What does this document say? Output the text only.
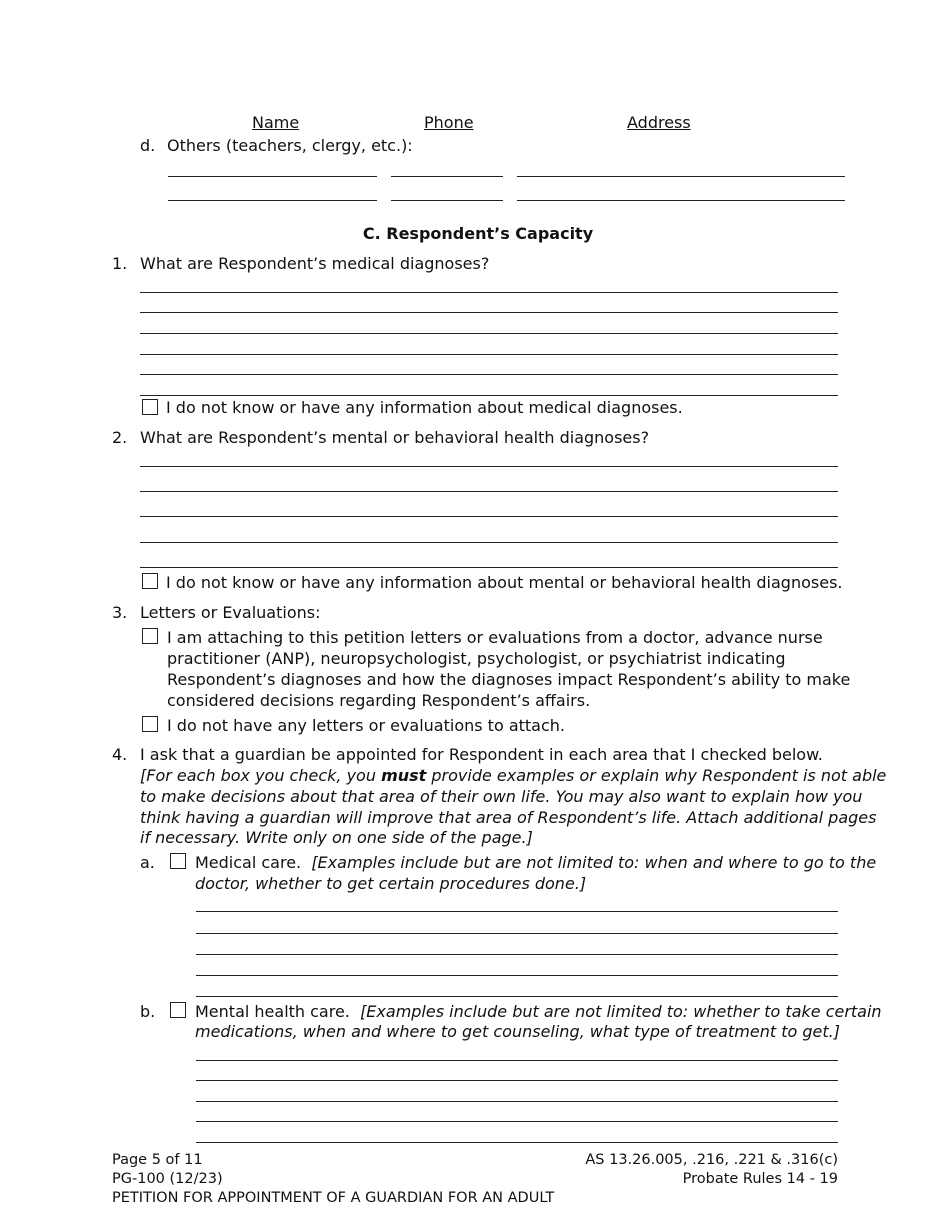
Name	Phone	Address
d. Others (teachers, clergy, etc.):
C. Respondent’s Capacity
1. What are Respondent’s medical diagnoses?
I do not know or have any information about medical diagnoses.
2. What are Respondent’s mental or behavioral health diagnoses?
I do not know or have any information about mental or behavioral health diagnoses.
3. Letters or Evaluations:
I am attaching to this petition letters or evaluations from a doctor, advance nurse
practitioner (ANP), neuropsychologist, psychologist, or psychiatrist indicating
Respondent’s diagnoses and how the diagnoses impact Respondent’s ability to make
considered decisions regarding Respondent’s affairs.
I do not have any letters or evaluations to attach.
4. I ask that a guardian be appointed for Respondent in each area that I checked below.
[For each box you check, you must provide examples or explain why Respondent is not able
to make decisions about that area of their own life. You may also want to explain how you
think having a guardian will improve that area of Respondent’s life. Attach additional pages
if necessary. Write only on one side of the page.]
a.	Medical care. [Examples include but are not limited to: when and where to go to the
doctor, whether to get certain procedures done.]
b. Mental health care. [Examples include but are not limited to: whether to take certain
medications, when and where to get counseling, what type of treatment to get.]
Page 5 of 11
PG-100 (12/23)
PETITION FOR APPOINTMENT OF A GUARDIAN FOR AN ADULT
AS 13.26.005, .216, .221 & .316(c)
Probate Rules 14 - 19
